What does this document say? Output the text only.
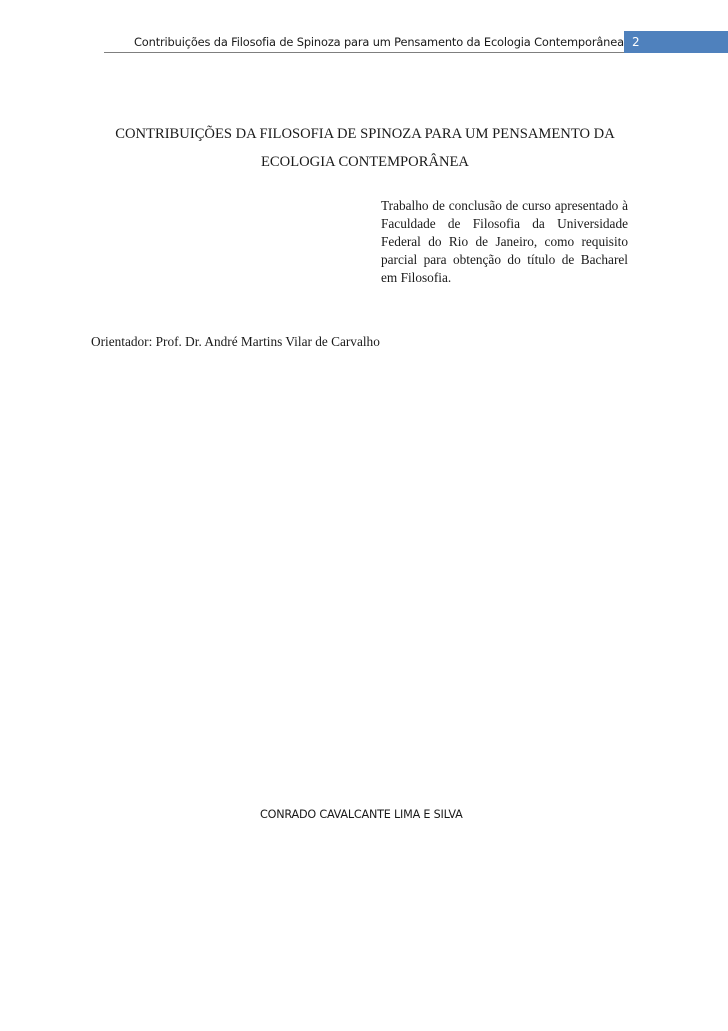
Contribuições da Filosofia de Spinoza para um Pensamento da Ecologia Contemporânea 2
CONTRIBUIÇÕES DA FILOSOFIA DE SPINOZA PARA UM PENSAMENTO DA
ECOLOGIA CONTEMPORÂNEA
Trabalho de conclusão de curso apresentado à Faculdade de Filosofia da Universidade Federal do Rio de Janeiro, como requisito parcial para obtenção do título de Bacharel em Filosofia.
Orientador: Prof. Dr. André Martins Vilar de Carvalho
CONRADO CAVALCANTE LIMA E SILVA
